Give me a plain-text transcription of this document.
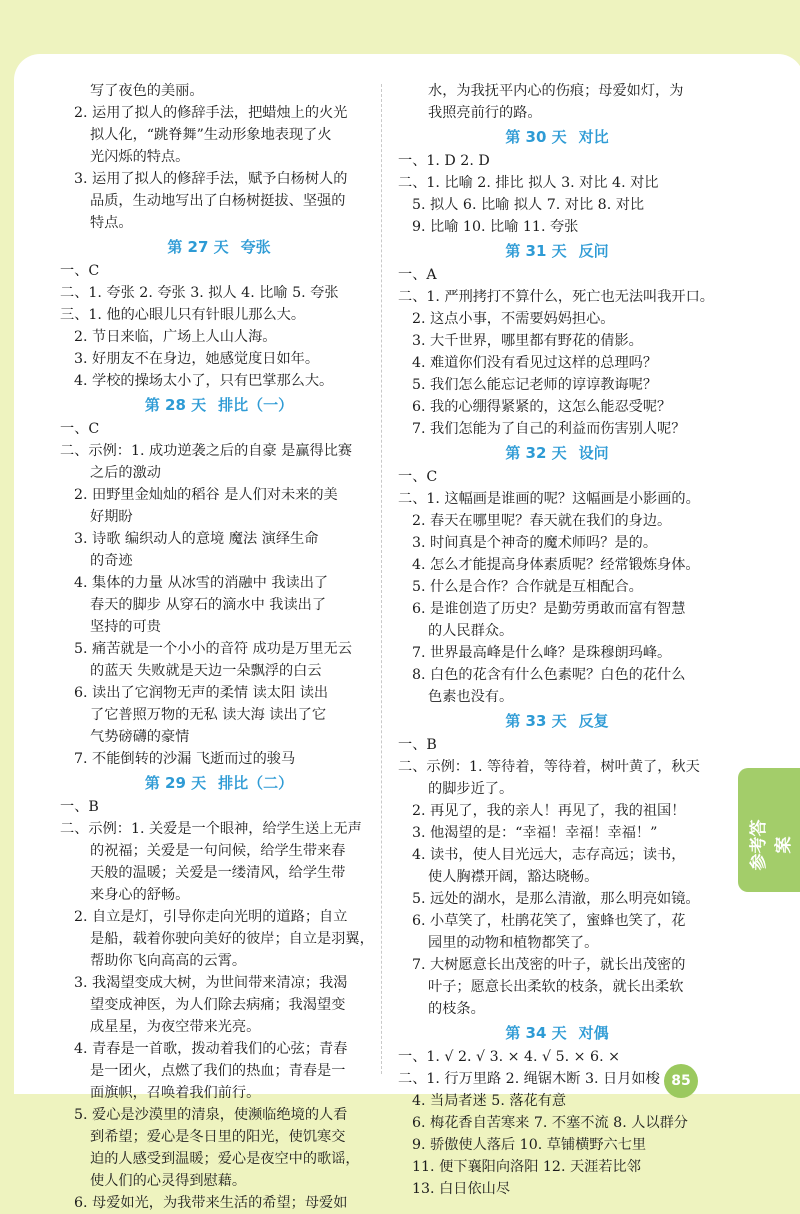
写了夜色的美丽。
2. 运用了拟人的修辞手法，把蜡烛上的火光
拟人化，“跳脊舞”生动形象地表现了火
光闪烁的特点。
3. 运用了拟人的修辞手法，赋予白杨树人的
品质，生动地写出了白杨树挺拔、坚强的
特点。
第 27 天 夸张
一、C
二、1. 夸张 2. 夸张 3. 拟人 4. 比喻 5. 夸张
三、1. 他的心眼儿只有针眼儿那么大。
2. 节日来临，广场上人山人海。
3. 好朋友不在身边，她感觉度日如年。
4. 学校的操场太小了，只有巴掌那么大。
第 28 天 排比（一）
一、C
二、示例：1. 成功逆袭之后的自豪 是赢得比赛
之后的激动
2. 田野里金灿灿的稻谷 是人们对未来的美
好期盼
3. 诗歌 编织动人的意境 魔法 演绎生命
的奇迹
4. 集体的力量 从冰雪的消融中 我读出了
春天的脚步 从穿石的滴水中 我读出了
坚持的可贵
5. 痛苦就是一个小小的音符 成功是万里无云
的蓝天 失败就是天边一朵飘浮的白云
6. 读出了它润物无声的柔情 读太阳 读出
了它普照万物的无私 读大海 读出了它
气势磅礴的豪情
7. 不能倒转的沙漏 飞逝而过的骏马
第 29 天 排比（二）
一、B
二、示例：1. 关爱是一个眼神，给学生送上无声
的祝福；关爱是一句问候，给学生带来春
天般的温暖；关爱是一缕清风，给学生带
来身心的舒畅。
2. 自立是灯，引导你走向光明的道路；自立
是船，载着你驶向美好的彼岸；自立是羽翼，
帮助你飞向高高的云霄。
3. 我渴望变成大树，为世间带来清凉；我渴
望变成神医，为人们除去病痛；我渴望变
成星星，为夜空带来光亮。
4. 青春是一首歌，拨动着我们的心弦；青春
是一团火，点燃了我们的热血；青春是一
面旗帜，召唤着我们前行。
5. 爱心是沙漠里的清泉，使濒临绝境的人看
到希望；爱心是冬日里的阳光，使饥寒交
迫的人感受到温暖；爱心是夜空中的歌谣，
使人们的心灵得到慰藉。
6. 母爱如光，为我带来生活的希望；母爱如
水，为我抚平内心的伤痕；母爱如灯，为
我照亮前行的路。
第 30 天 对比
一、1. D 2. D
二、1. 比喻 2. 排比 拟人 3. 对比 4. 对比
5. 拟人 6. 比喻 拟人 7. 对比 8. 对比
9. 比喻 10. 比喻 11. 夸张
第 31 天 反问
一、A
二、1. 严刑拷打不算什么，死亡也无法叫我开口。
2. 这点小事，不需要妈妈担心。
3. 大千世界，哪里都有野花的倩影。
4. 难道你们没有看见过这样的总理吗？
5. 我们怎么能忘记老师的谆谆教诲呢？
6. 我的心绷得紧紧的，这怎么能忍受呢？
7. 我们怎能为了自己的利益而伤害别人呢？
第 32 天 设问
一、C
二、1. 这幅画是谁画的呢？这幅画是小影画的。
2. 春天在哪里呢？春天就在我们的身边。
3. 时间真是个神奇的魔术师吗？是的。
4. 怎么才能提高身体素质呢？经常锻炼身体。
5. 什么是合作？合作就是互相配合。
6. 是谁创造了历史？是勤劳勇敢而富有智慧
的人民群众。
7. 世界最高峰是什么峰？是珠穆朗玛峰。
8. 白色的花含有什么色素呢？白色的花什么
色素也没有。
第 33 天 反复
一、B
二、示例：1. 等待着，等待着，树叶黄了，秋天
的脚步近了。
2. 再见了，我的亲人！再见了，我的祖国！
3. 他渴望的是：“幸福！幸福！幸福！”
4. 读书，使人目光远大，志存高远；读书，
使人胸襟开阔，豁达晓畅。
5. 远处的湖水，是那么清澈，那么明亮如镜。
6. 小草笑了，杜鹃花笑了，蜜蜂也笑了，花
园里的动物和植物都笑了。
7. 大树愿意长出茂密的叶子，就长出茂密的
叶子；愿意长出柔软的枝条，就长出柔软
的枝条。
第 34 天 对偶
一、1. √ 2. √ 3. × 4. √ 5. × 6. ×
二、1. 行万里路 2. 绳锯木断 3. 日月如梭
4. 当局者迷 5. 落花有意
6. 梅花香自苦寒来 7. 不塞不流 8. 人以群分
9. 骄傲使人落后 10. 草铺横野六七里
11. 便下襄阳向洛阳 12. 天涯若比邻
13. 白日依山尽
参考答案
85
